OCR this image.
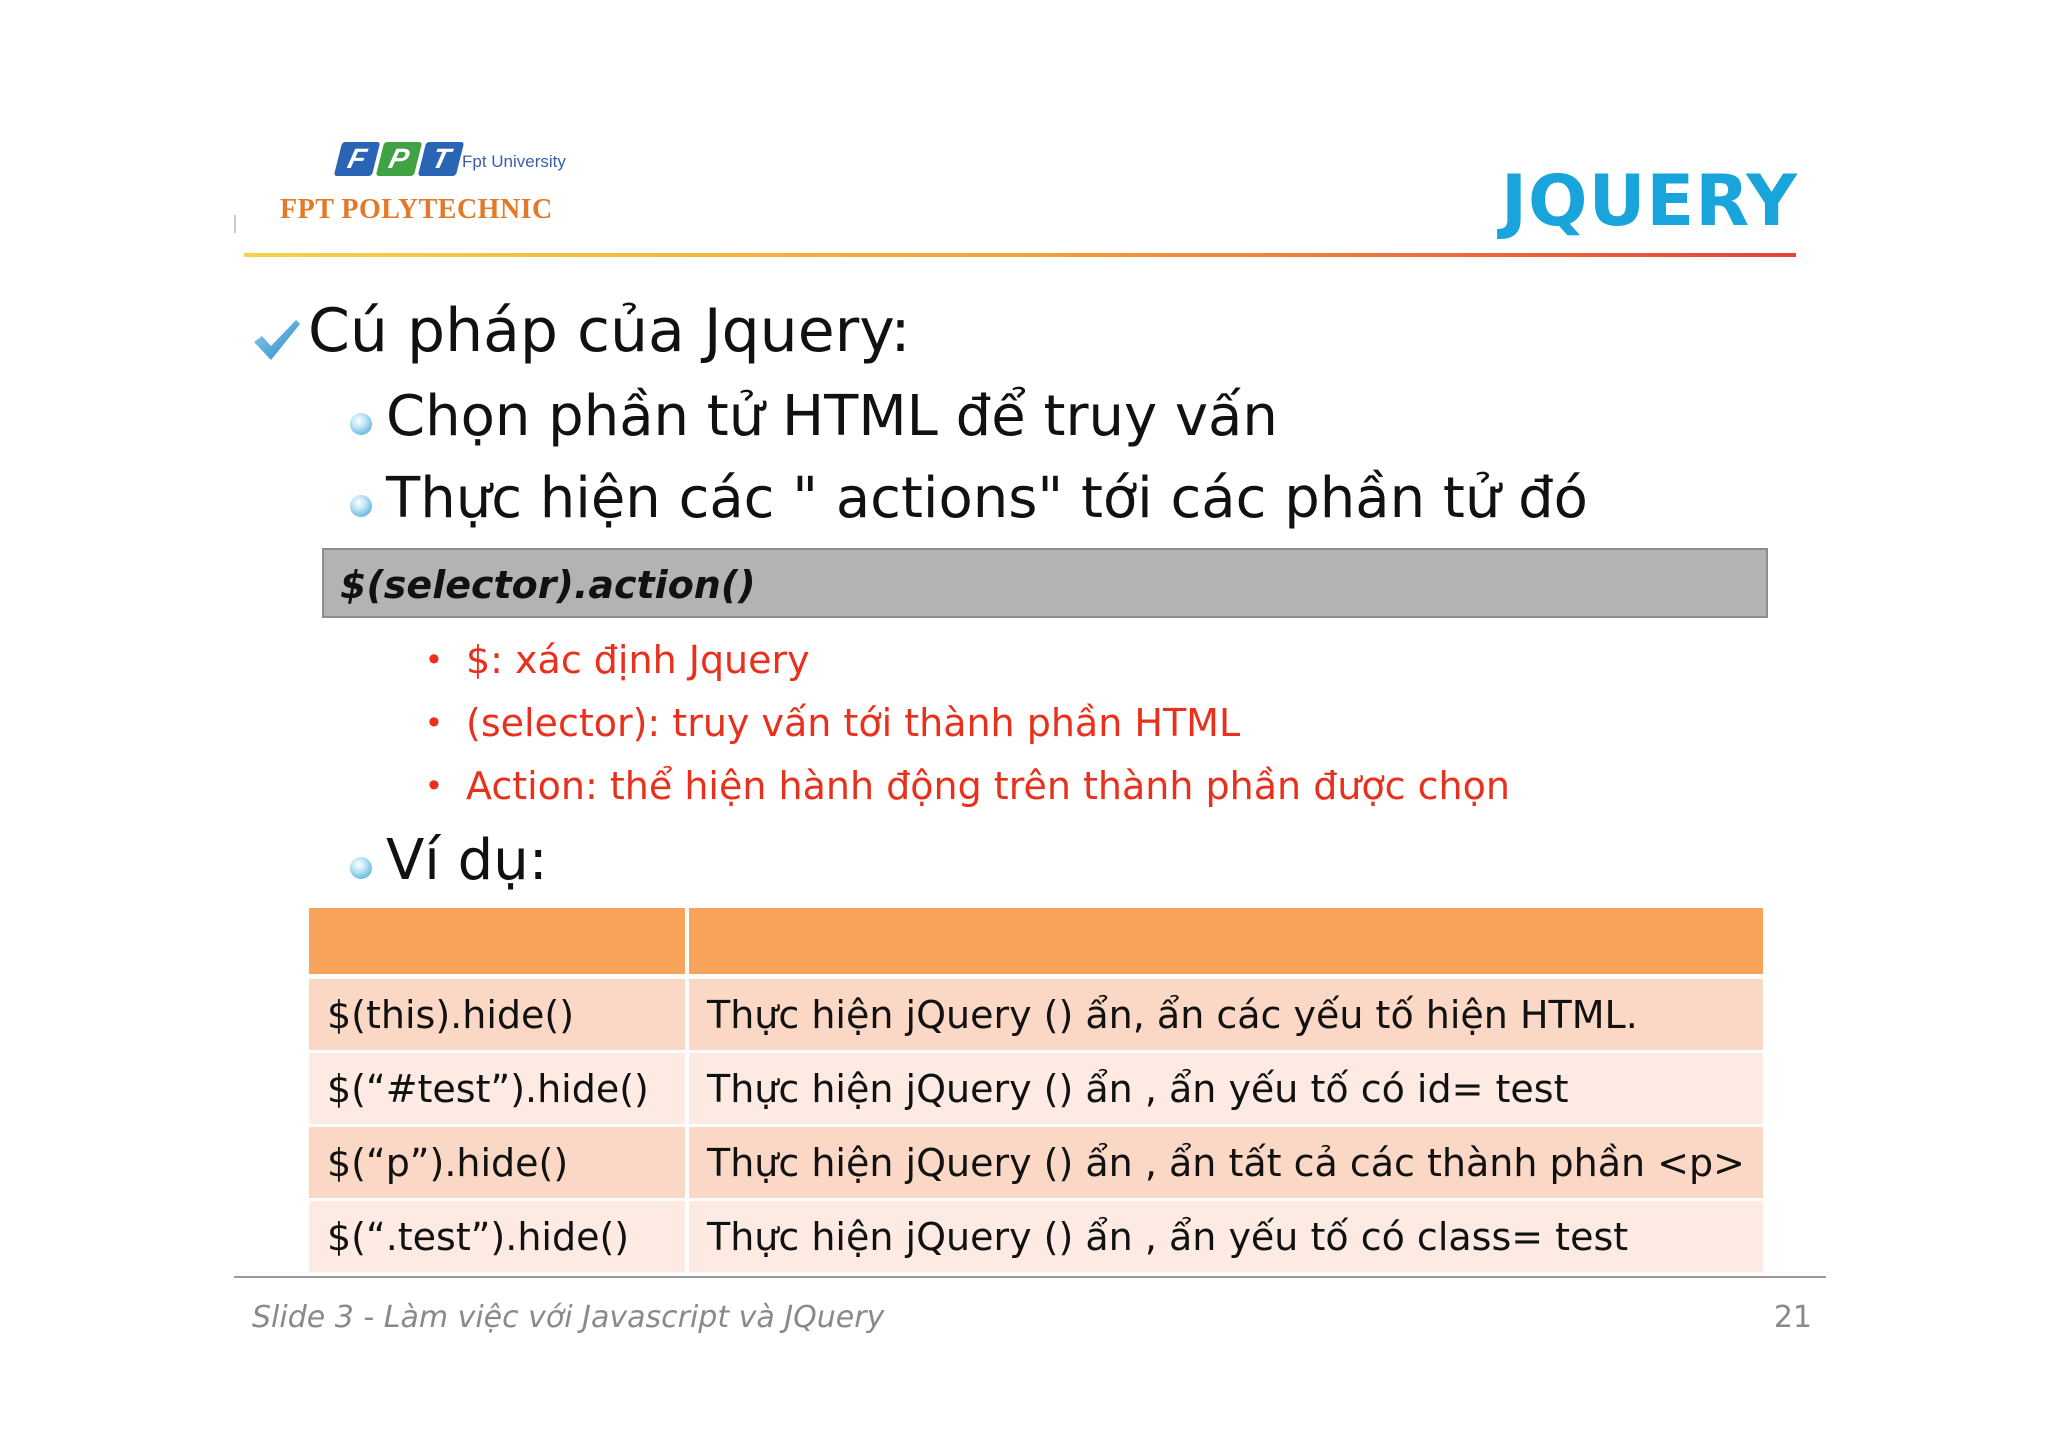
F P T Fpt University
FPT POLYTECHNIC	JQUERY
Cú pháp của Jquery:
Chọn phần tử HTML để truy vấn
Thực hiện các " actions" tới các phần tử đó
$(selector).action()
• $: xác định Jquery
• (selector): truy vấn tới thành phần HTML
• Action: thể hiện hành động trên thành phần được chọn
Ví dụ:

$(this).hide()	Thực hiện jQuery () ẩn, ẩn các yếu tố hiện HTML.
$(“#test”).hide()	Thực hiện jQuery () ẩn , ẩn yếu tố có id= test
$(“p”).hide()	Thực hiện jQuery () ẩn , ẩn tất cả các thành phần <p>
$(“.test”).hide()	Thực hiện jQuery () ẩn , ẩn yếu tố có class= test
Slide 3 - Làm việc với Javascript và JQuery	21
